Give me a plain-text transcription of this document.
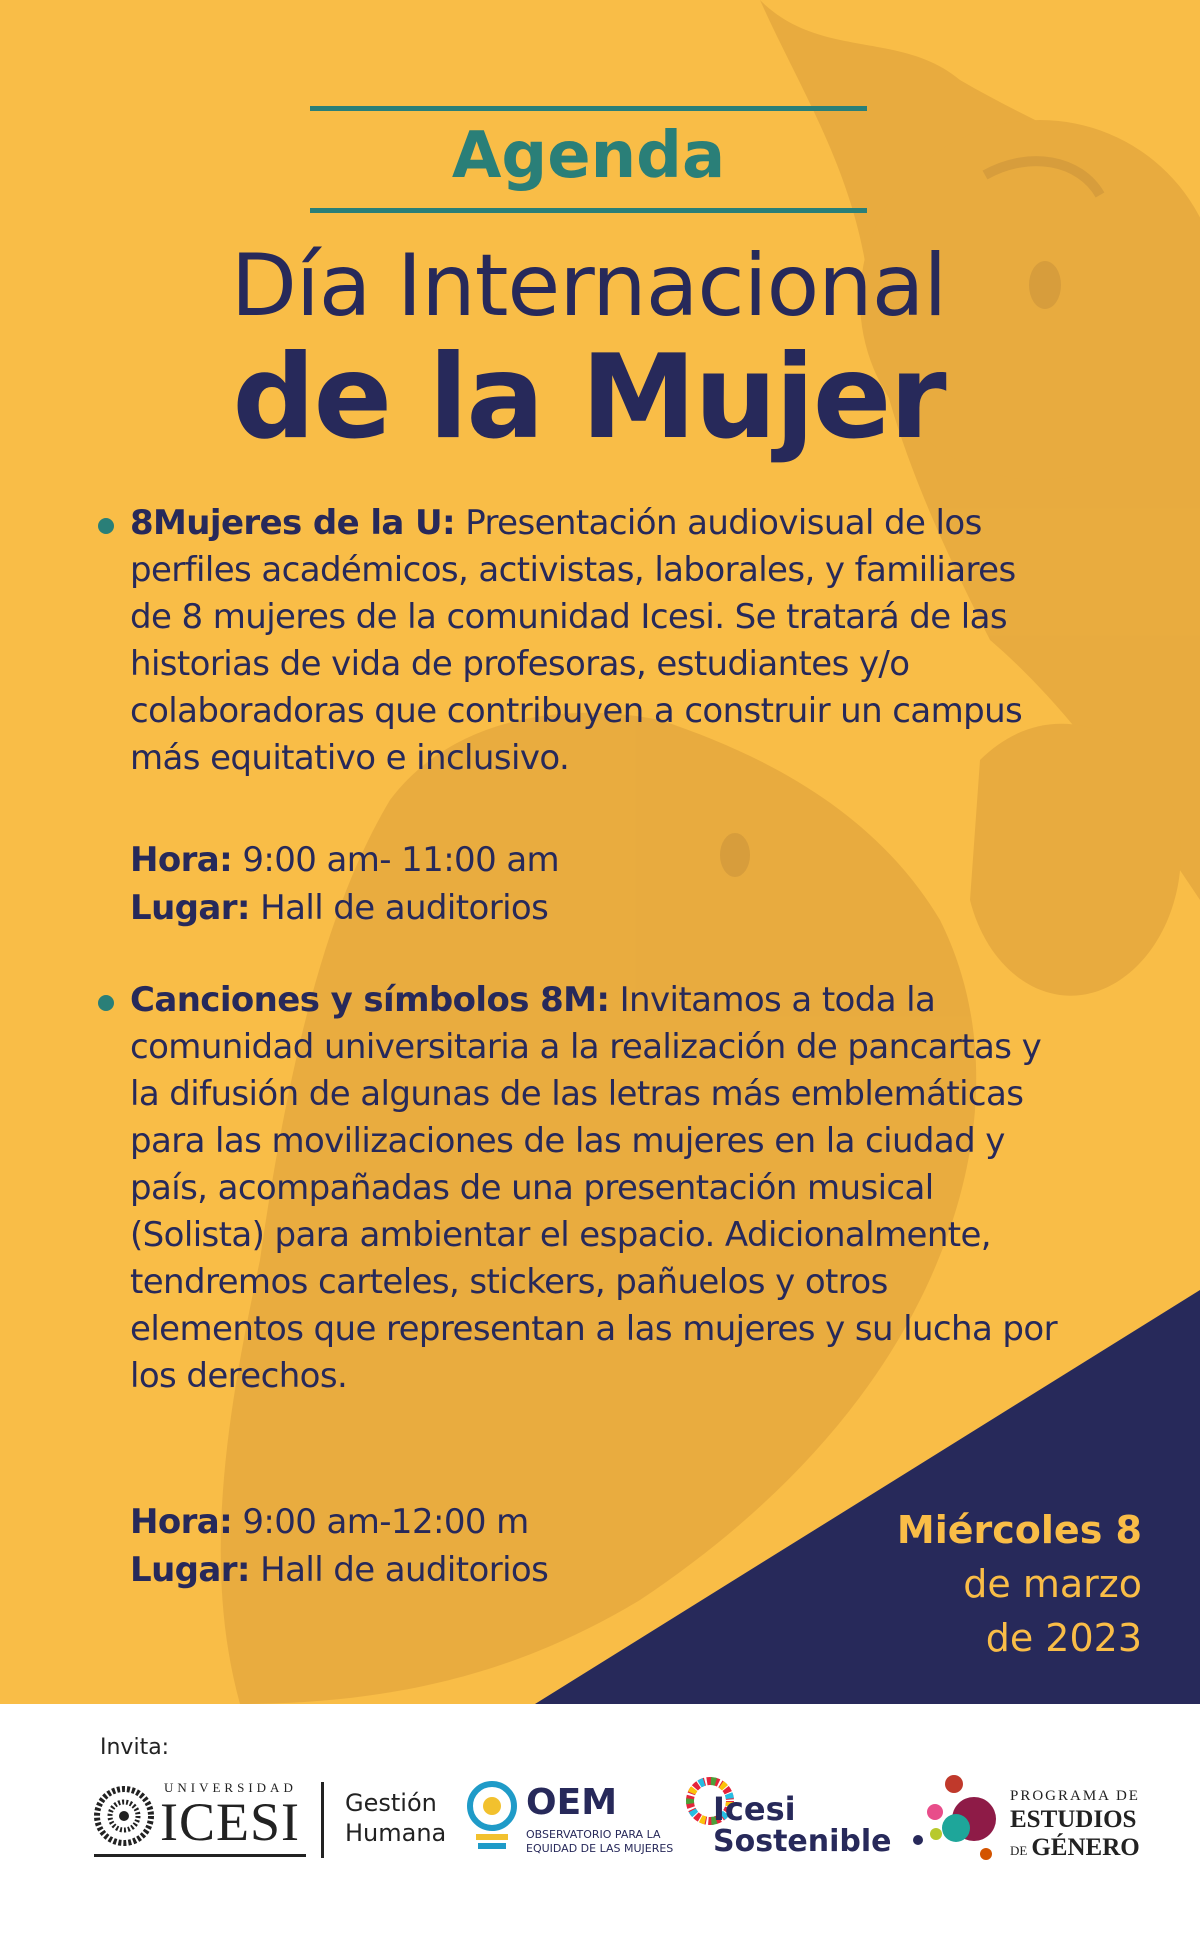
Agenda
Día Internacional
de la Mujer
8Mujeres de la U: Presentación audiovisual de los perfiles académicos, activistas, laborales, y familiares de 8 mujeres de la comunidad Icesi. Se tratará de las historias de vida de profesoras, estudiantes y/o colaboradoras que contribuyen a construir un campus más equitativo e inclusivo.
Hora: 9:00 am- 11:00 am
Lugar: Hall de auditorios
Canciones y símbolos 8M: Invitamos a toda la comunidad universitaria a la realización de pancartas y la difusión de algunas de las letras más emblemáticas para las movilizaciones de las mujeres en la ciudad y país, acompañadas de una presentación musical (Solista) para ambientar el espacio. Adicionalmente, tendremos carteles, stickers, pañuelos y otros elementos que representan a las mujeres y su lucha por los derechos.
Hora: 9:00 am-12:00 m
Lugar: Hall de auditorios
Miércoles 8
de marzo
de 2023
Invita:
UNIVERSIDAD
ICESI Gestión
Humana
OEM
OBSERVATORIO PARA LA
EQUIDAD DE LAS MUJERES
Icesi
Sostenible
PROGRAMA DE
ESTUDIOS
DE GÉNERO
